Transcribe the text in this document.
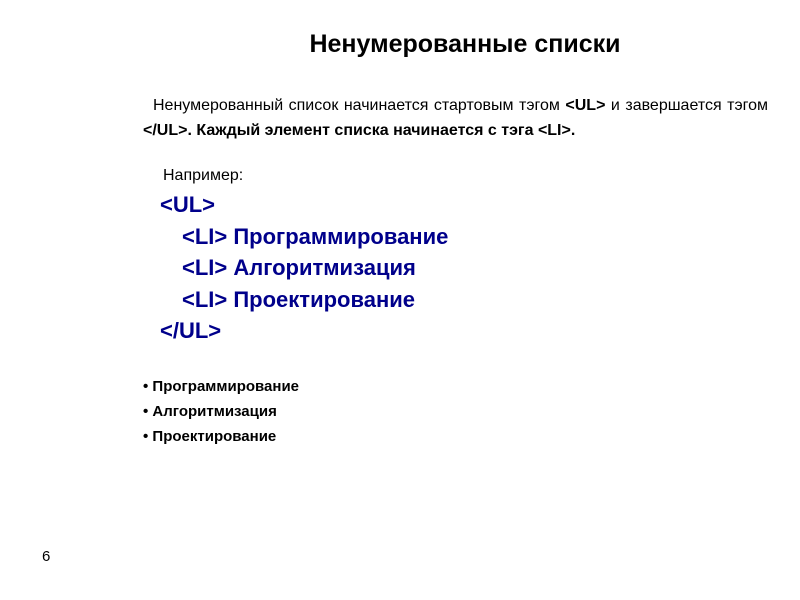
Ненумерованные списки
Ненумерованный список начинается стартовым тэгом <UL> и завершается тэгом </UL>. Каждый элемент списка начинается с тэга <LI>.
Например:
<UL>
<LI> Программирование
<LI> Алгоритмизация
<LI> Проектирование
</UL>
• Программирование
• Алгоритмизация
• Проектирование
6
